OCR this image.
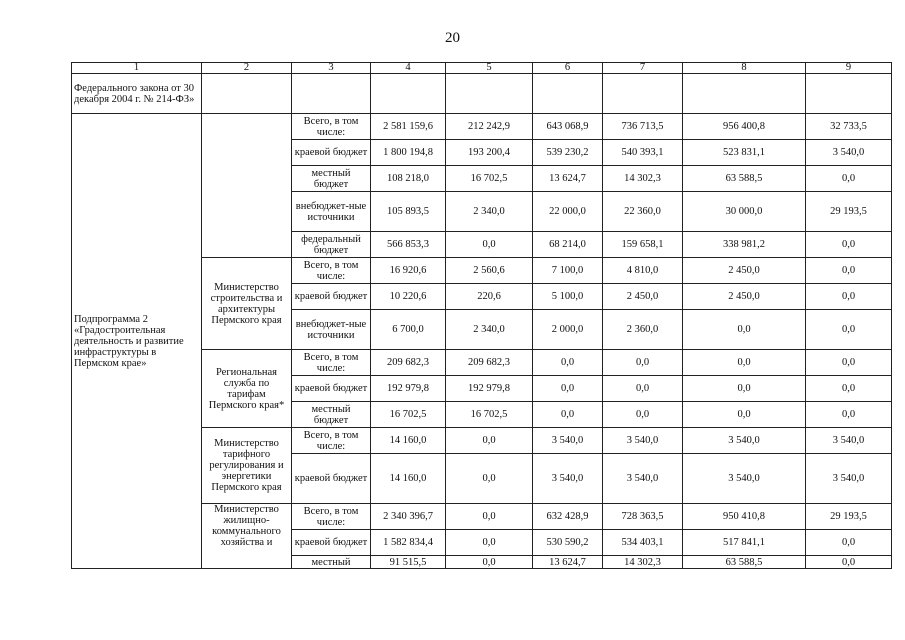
20
1	2	3	4	5	6	7	8	9
Федерального закона от 30 декабря 2004 г. № 214-ФЗ»								
Подпрограмма 2 «Градостроительная деятельность и развитие инфраструктуры в Пермском крае»		Всего, в том числе:	2 581 159,6	212 242,9	643 068,9	736 713,5	956 400,8	32 733,5
		краевой бюджет	1 800 194,8	193 200,4	539 230,2	540 393,1	523 831,1	3 540,0
		местный бюджет	108 218,0	16 702,5	13 624,7	14 302,3	63 588,5	0,0
		внебюджет-ные источники	105 893,5	2 340,0	22 000,0	22 360,0	30 000,0	29 193,5
		федеральный бюджет	566 853,3	0,0	68 214,0	159 658,1	338 981,2	0,0
	Министерство строительства и архитектуры Пермского края	Всего, в том числе:	16 920,6	2 560,6	7 100,0	4 810,0	2 450,0	0,0
		краевой бюджет	10 220,6	220,6	5 100,0	2 450,0	2 450,0	0,0
		внебюджет-ные источники	6 700,0	2 340,0	2 000,0	2 360,0	0,0	0,0
	Региональная служба по тарифам Пермского края*	Всего, в том числе:	209 682,3	209 682,3	0,0	0,0	0,0	0,0
		краевой бюджет	192 979,8	192 979,8	0,0	0,0	0,0	0,0
		местный бюджет	16 702,5	16 702,5	0,0	0,0	0,0	0,0
	Министерство тарифного регулирования и энергетики Пермского края	Всего, в том числе:	14 160,0	0,0	3 540,0	3 540,0	3 540,0	3 540,0
		краевой бюджет	14 160,0	0,0	3 540,0	3 540,0	3 540,0	3 540,0
	Министерство жилищно-коммунального хозяйства и	Всего, в том числе:	2 340 396,7	0,0	632 428,9	728 363,5	950 410,8	29 193,5
		краевой бюджет	1 582 834,4	0,0	530 590,2	534 403,1	517 841,1	0,0
		местный	91 515,5	0,0	13 624,7	14 302,3	63 588,5	0,0
